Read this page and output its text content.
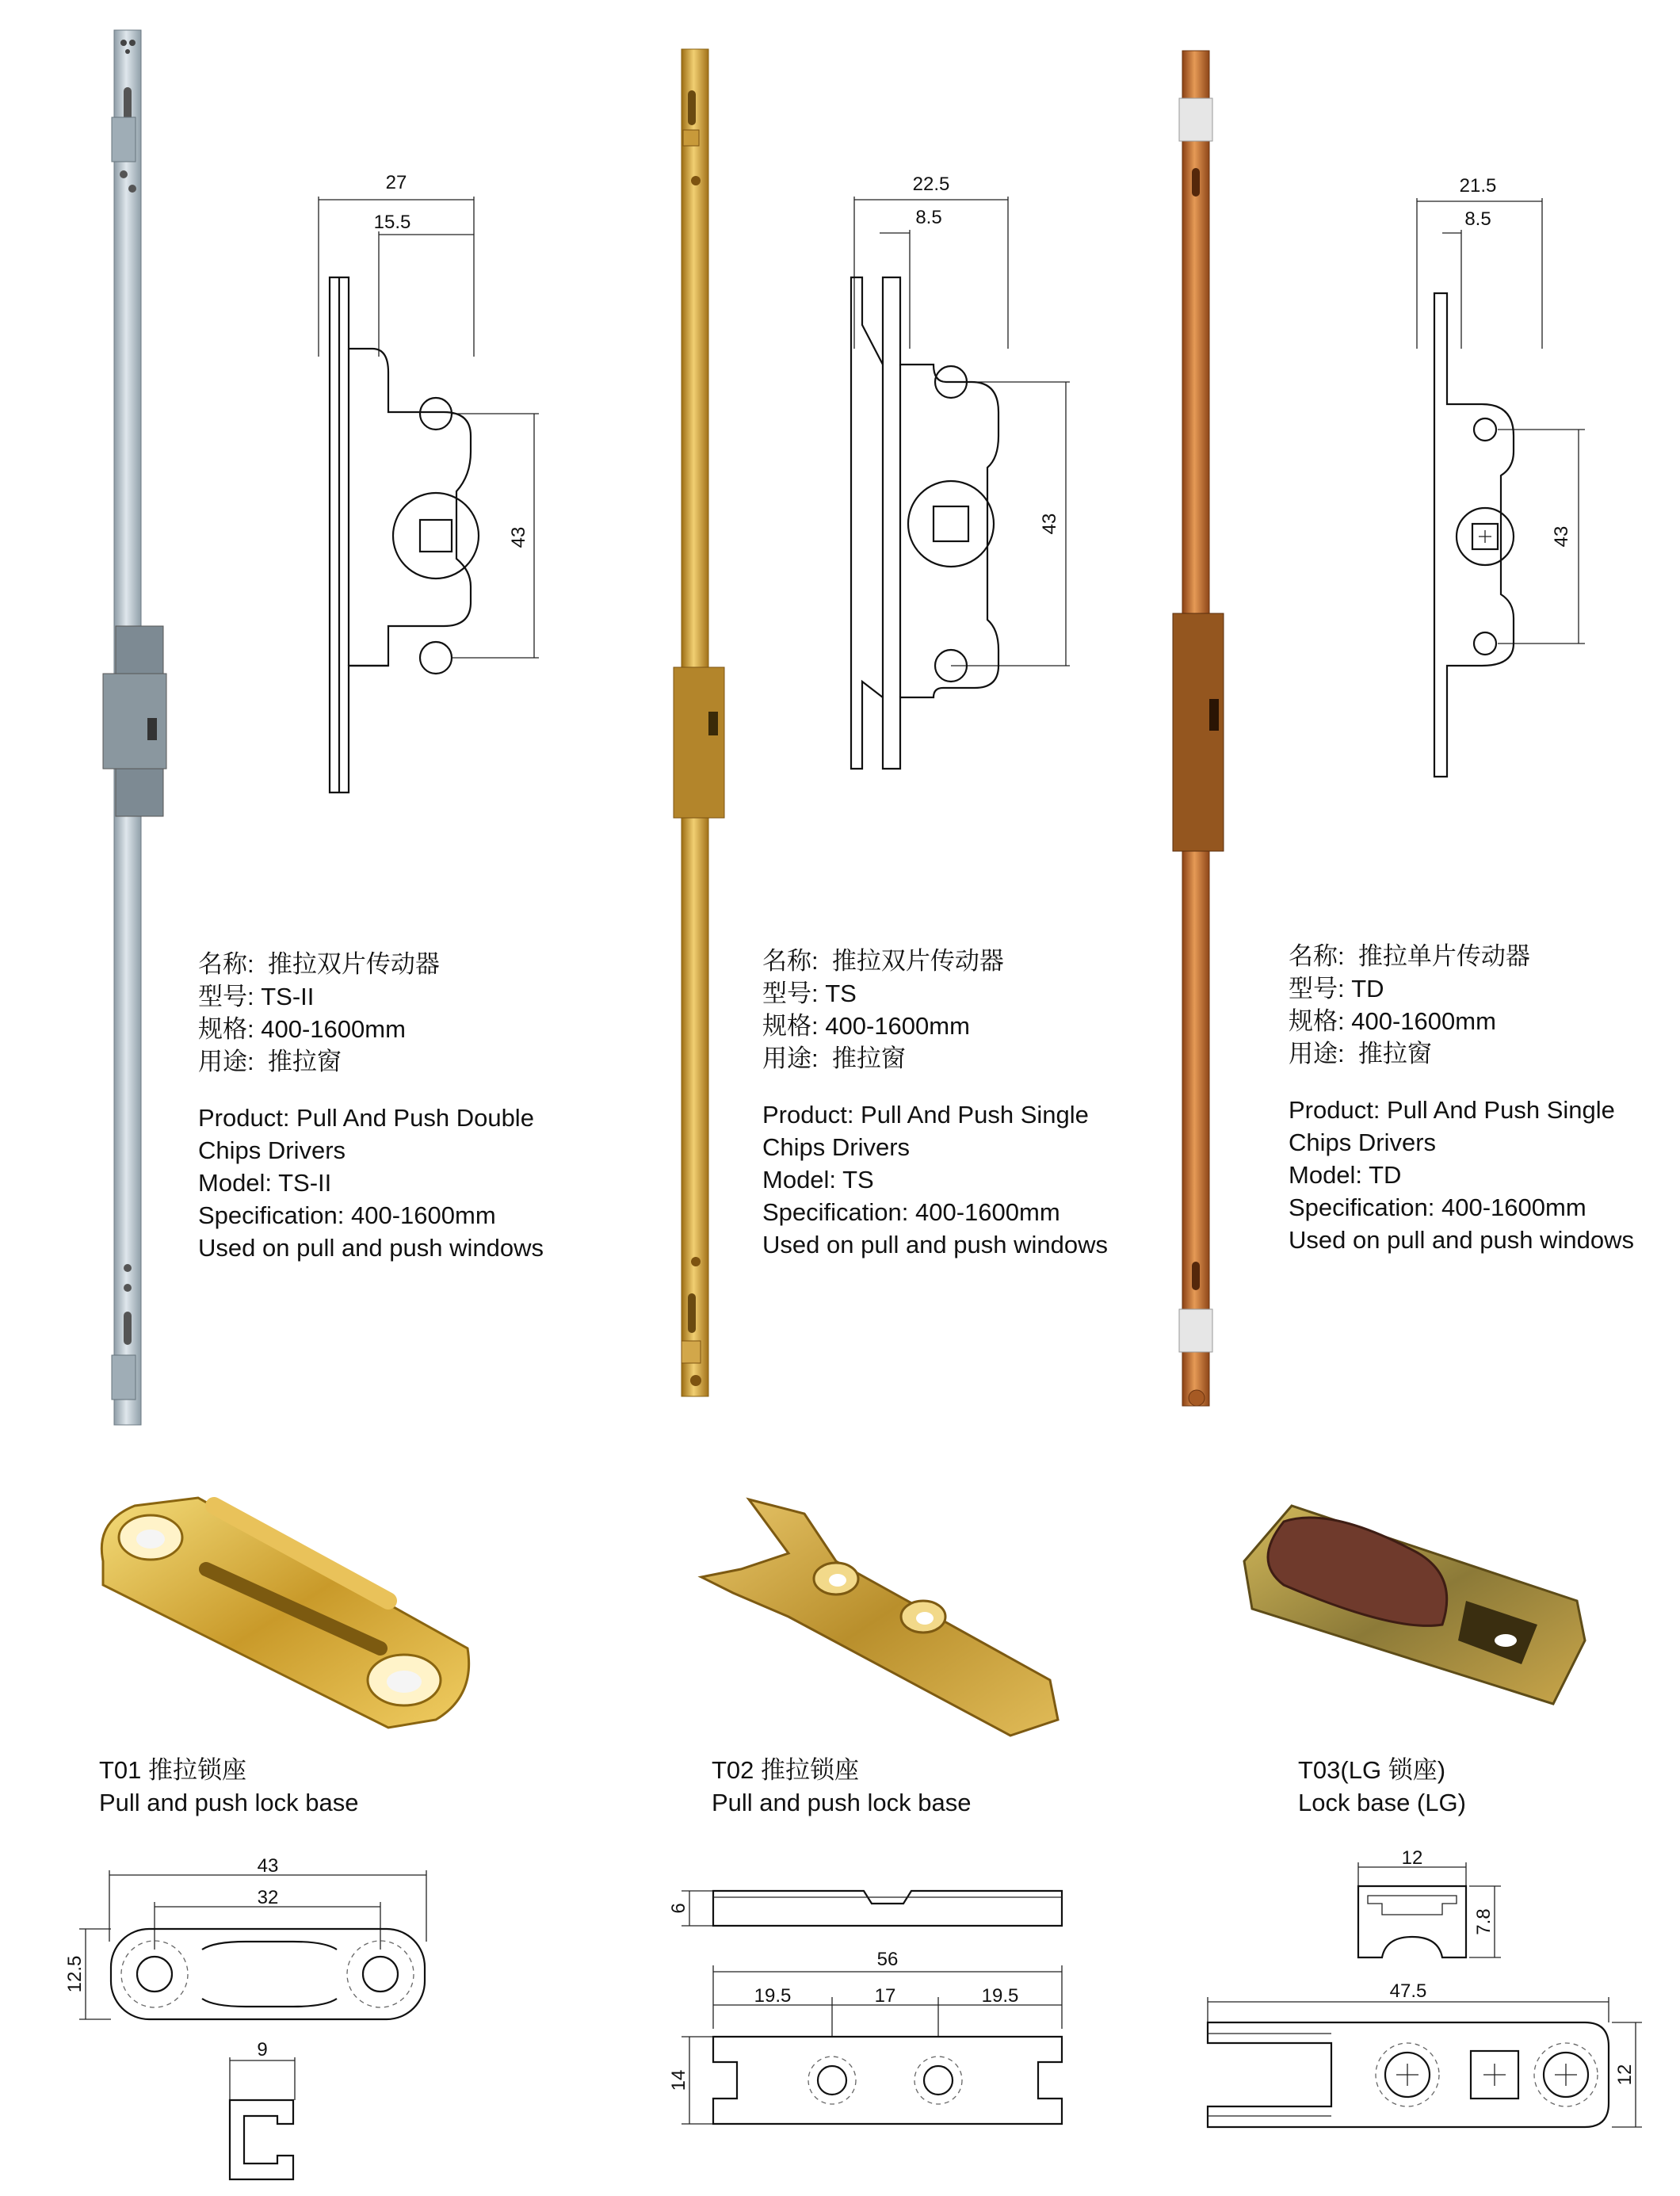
27
15.5
43
22.5
8.5
43
21.5
8.5
43
名称: 推拉双片传动器
型号: TS-II
规格: 400-1600mm
用途: 推拉窗
Product: Pull And Push Double
Chips Drivers
Model: TS-II
Specification: 400-1600mm
Used on pull and push windows
名称: 推拉双片传动器
型号: TS
规格: 400-1600mm
用途: 推拉窗
Product: Pull And Push Single
Chips Drivers
Model: TS
Specification: 400-1600mm
Used on pull and push windows
名称: 推拉单片传动器
型号: TD
规格: 400-1600mm
用途: 推拉窗
Product: Pull And Push Single
Chips Drivers
Model: TD
Specification: 400-1600mm
Used on pull and push windows
T01 推拉锁座
Pull and push lock base
T02 推拉锁座
Pull and push lock base
T03(LG 锁座)
Lock base (LG)
43
32
12.5
9
6
56
19.5	17	19.5
14
12
7.8
47.5
12
